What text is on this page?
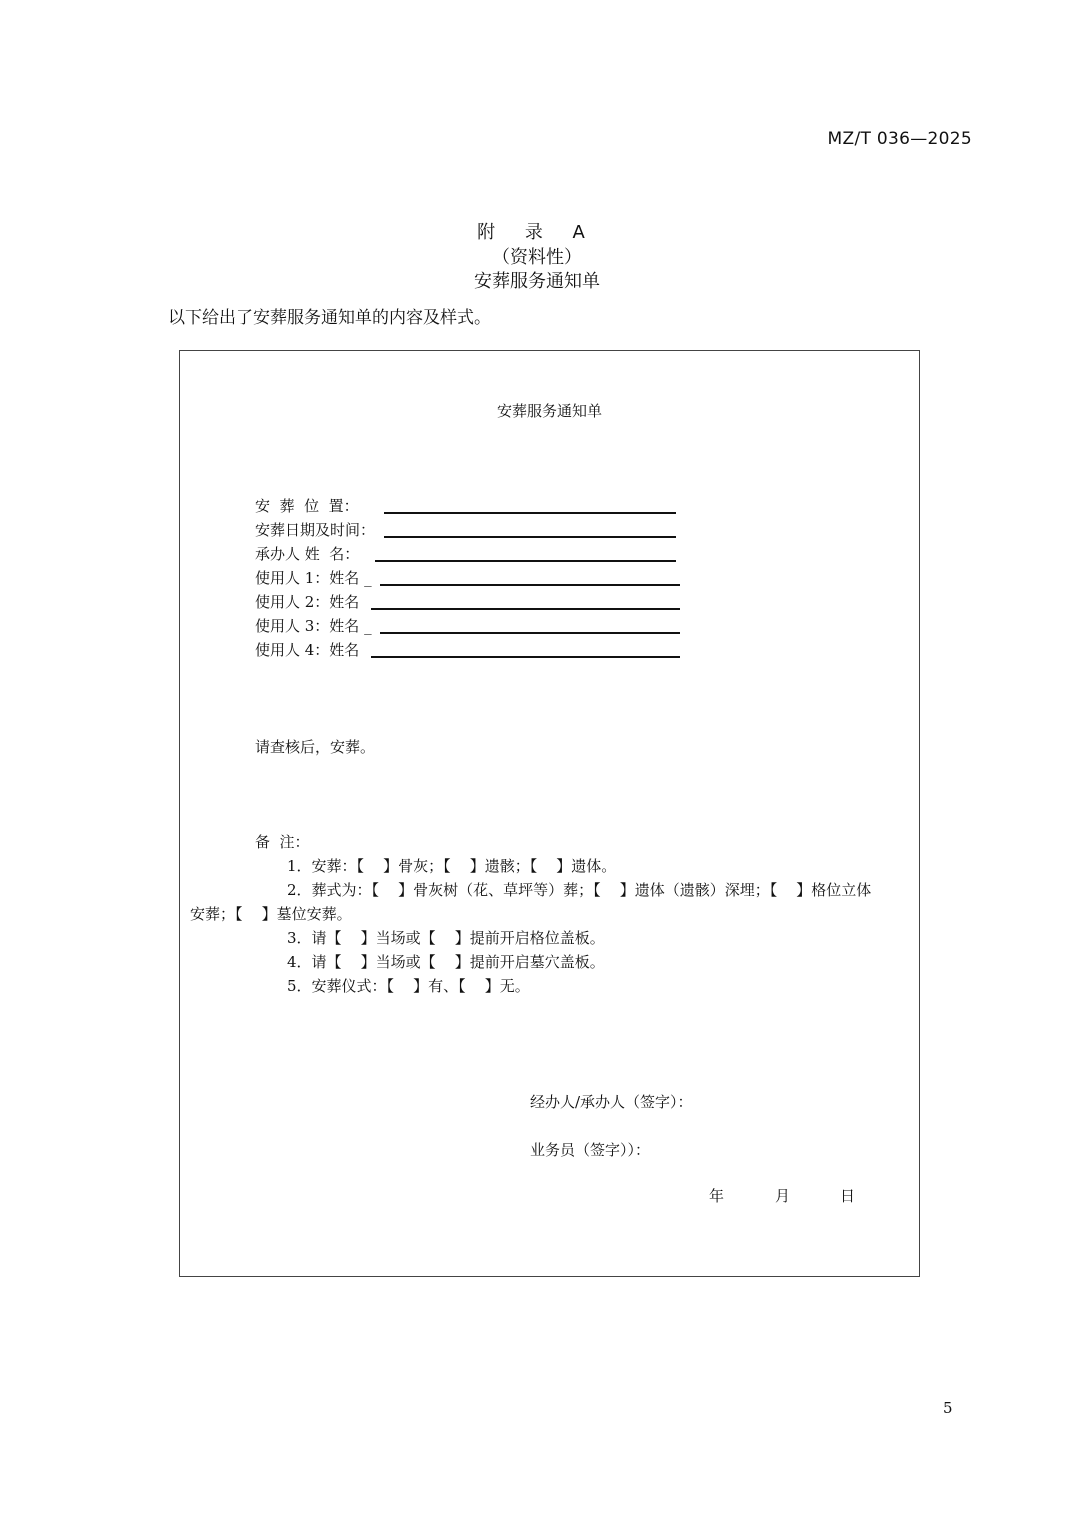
MZ/T 036—2025
附 录 A
（资料性）
安葬服务通知单
以下给出了安葬服务通知单的内容及样式。
安葬服务通知单
安  葬  位  置：
安葬日期及时间：
承办人 姓  名：
使用人 1：姓名 _
使用人 2：姓名
使用人 3：姓名 _
使用人 4：姓名
请查核后，安葬。
备  注：
1．安葬：【    】骨灰；【    】遗骸；【    】遗体。
2．葬式为：【    】骨灰树（花、草坪等）葬；【    】遗体（遗骸）深埋；【    】格位立体
安葬；【    】墓位安葬。
3．请【    】当场或【    】提前开启格位盖板。
4．请【    】当场或【    】提前开启墓穴盖板。
5．安葬仪式：【    】有、【    】无。
经办人/承办人（签字）：
业务员（签字））：
年	月	日
5
